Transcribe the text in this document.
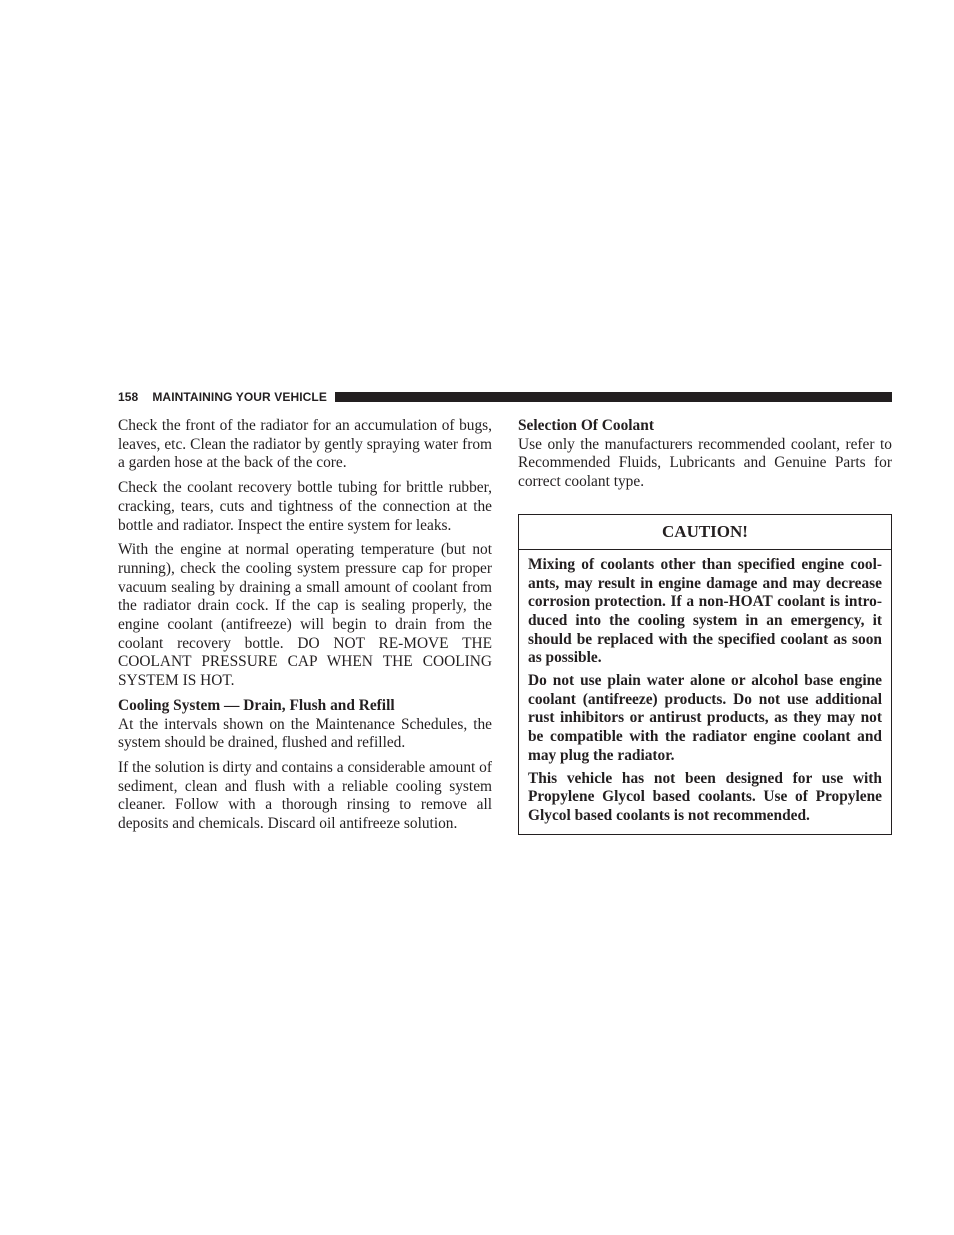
158 MAINTAINING YOUR VEHICLE

Check the front of the radiator for an accumulation of bugs, leaves, etc. Clean the radiator by gently spraying water from a garden hose at the back of the core.

Check the coolant recovery bottle tubing for brittle rubber, cracking, tears, cuts and tightness of the connection at the bottle and radiator. Inspect the entire system for leaks.

With the engine at normal operating temperature (but not running), check the cooling system pressure cap for proper vacuum sealing by draining a small amount of coolant from the radiator drain cock. If the cap is sealing properly, the engine coolant (antifreeze) will begin to drain from the coolant recovery bottle. DO NOT RE-MOVE THE COOLANT PRESSURE CAP WHEN THE COOLING SYSTEM IS HOT.

Cooling System — Drain, Flush and Refill

At the intervals shown on the Maintenance Schedules, the system should be drained, flushed and refilled.

If the solution is dirty and contains a considerable amount of sediment, clean and flush with a reliable cooling system cleaner. Follow with a thorough rinsing to remove all deposits and chemicals. Discard oil antifreeze solution.

Selection Of Coolant

Use only the manufacturers recommended coolant, refer to Recommended Fluids, Lubricants and Genuine Parts for correct coolant type.

CAUTION!

Mixing of coolants other than specified engine cool-ants, may result in engine damage and may decrease corrosion protection. If a non-HOAT coolant is intro-duced into the cooling system in an emergency, it should be replaced with the specified coolant as soon as possible.

Do not use plain water alone or alcohol base engine coolant (antifreeze) products. Do not use additional rust inhibitors or antirust products, as they may not be compatible with the radiator engine coolant and may plug the radiator.

This vehicle has not been designed for use with Propylene Glycol based coolants. Use of Propylene Glycol based coolants is not recommended.
